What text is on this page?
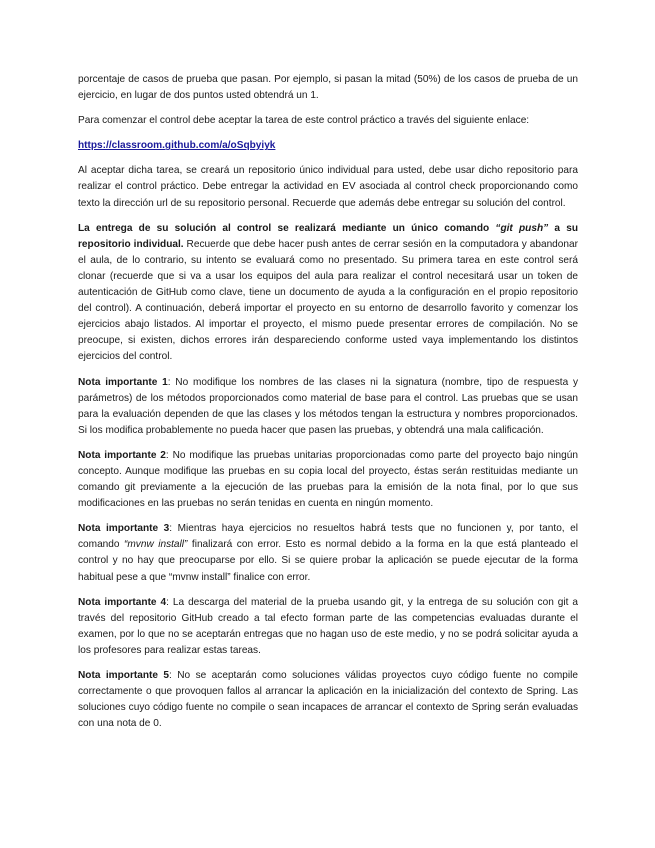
porcentaje de casos de prueba que pasan. Por ejemplo, si pasan la mitad (50%) de los casos de prueba de un ejercicio, en lugar de dos puntos usted obtendrá un 1.

Para comenzar el control debe aceptar la tarea de este control práctico a través del siguiente enlace:

https://classroom.github.com/a/oSqbyiyk

Al aceptar dicha tarea, se creará un repositorio único individual para usted, debe usar dicho repositorio para realizar el control práctico. Debe entregar la actividad en EV asociada al control check proporcionando como texto la dirección url de su repositorio personal. Recuerde que además debe entregar su solución del control.

La entrega de su solución al control se realizará mediante un único comando “git push” a su repositorio individual. Recuerde que debe hacer push antes de cerrar sesión en la computadora y abandonar el aula, de lo contrario, su intento se evaluará como no presentado. Su primera tarea en este control será clonar (recuerde que si va a usar los equipos del aula para realizar el control necesitará usar un token de autenticación de GitHub como clave, tiene un documento de ayuda a la configuración en el propio repositorio del control). A continuación, deberá importar el proyecto en su entorno de desarrollo favorito y comenzar los ejercicios abajo listados. Al importar el proyecto, el mismo puede presentar errores de compilación. No se preocupe, si existen, dichos errores irán despareciendo conforme usted vaya implementando los distintos ejercicios del control.

Nota importante 1: No modifique los nombres de las clases ni la signatura (nombre, tipo de respuesta y parámetros) de los métodos proporcionados como material de base para el control. Las pruebas que se usan para la evaluación dependen de que las clases y los métodos tengan la estructura y nombres proporcionados. Si los modifica probablemente no pueda hacer que pasen las pruebas, y obtendrá una mala calificación.

Nota importante 2: No modifique las pruebas unitarias proporcionadas como parte del proyecto bajo ningún concepto. Aunque modifique las pruebas en su copia local del proyecto, éstas serán restituidas mediante un comando git previamente a la ejecución de las pruebas para la emisión de la nota final, por lo que sus modificaciones en las pruebas no serán tenidas en cuenta en ningún momento.

Nota importante 3: Mientras haya ejercicios no resueltos habrá tests que no funcionen y, por tanto, el comando “mvnw install” finalizará con error. Esto es normal debido a la forma en la que está planteado el control y no hay que preocuparse por ello. Si se quiere probar la aplicación se puede ejecutar de la forma habitual pese a que “mvnw install” finalice con error.

Nota importante 4: La descarga del material de la prueba usando git, y la entrega de su solución con git a través del repositorio GitHub creado a tal efecto forman parte de las competencias evaluadas durante el examen, por lo que no se aceptarán entregas que no hagan uso de este medio, y no se podrá solicitar ayuda a los profesores para realizar estas tareas.

Nota importante 5: No se aceptarán como soluciones válidas proyectos cuyo código fuente no compile correctamente o que provoquen fallos al arrancar la aplicación en la inicialización del contexto de Spring. Las soluciones cuyo código fuente no compile o sean incapaces de arrancar el contexto de Spring serán evaluadas con una nota de 0.
